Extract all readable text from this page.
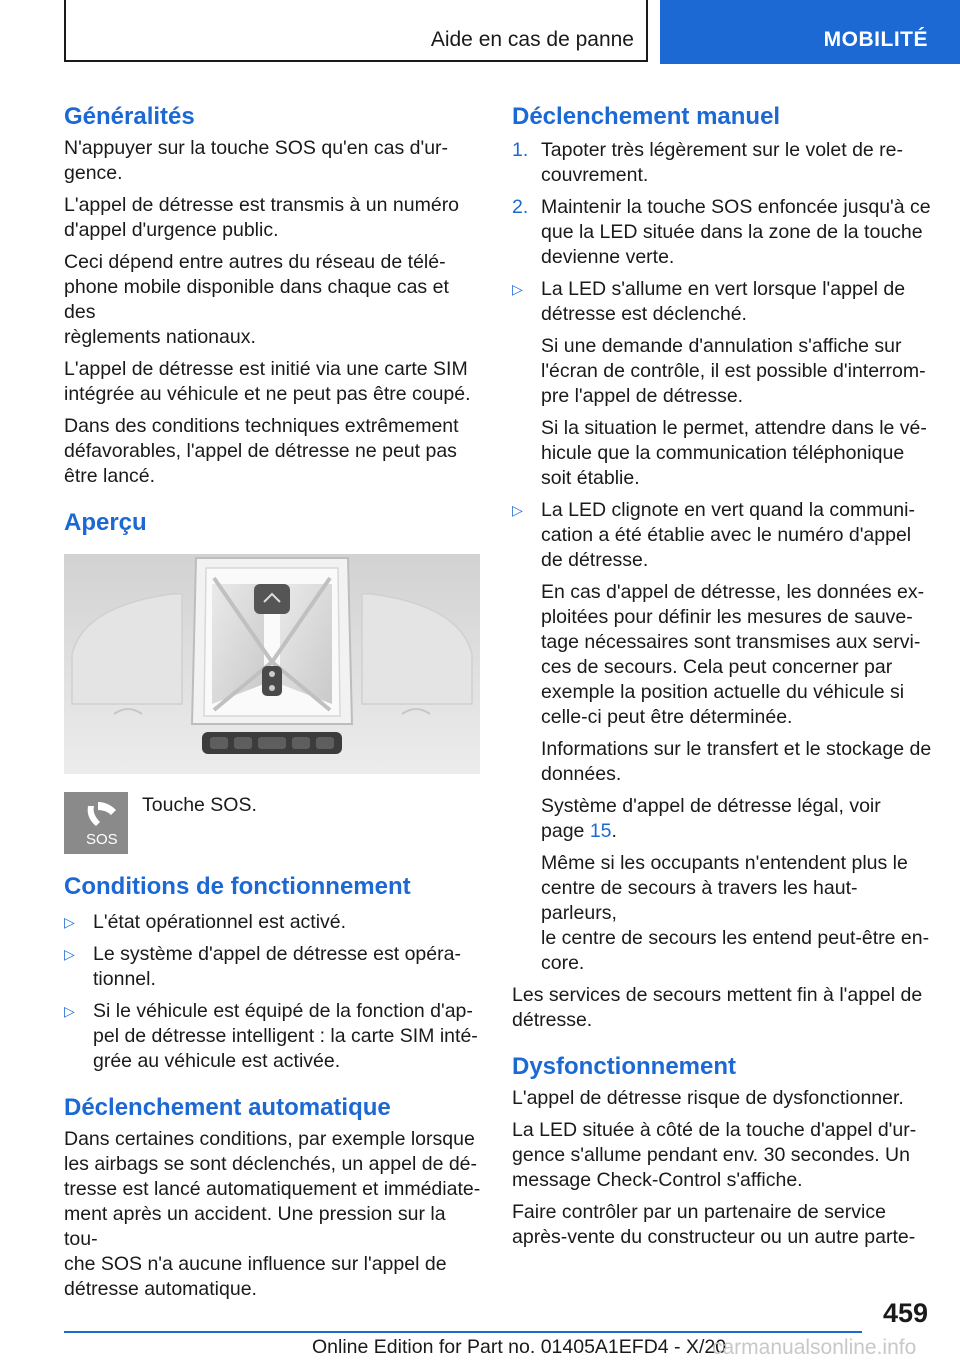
Aide en cas de panne	MOBILITÉ
Généralités

N'appuyer sur la touche SOS qu'en cas d'ur-
gence.

L'appel de détresse est transmis à un numéro
d'appel d'urgence public.

Ceci dépend entre autres du réseau de télé-
phone mobile disponible dans chaque cas et des
règlements nationaux.

L'appel de détresse est initié via une carte SIM
intégrée au véhicule et ne peut pas être coupé.

Dans des conditions techniques extrêmement
défavorables, l'appel de détresse ne peut pas
être lancé.

Aperçu
SOS
Touche SOS.
Conditions de fonctionnement
▷ L'état opérationnel est activé.
▷ Le système d'appel de détresse est opéra-
tionnel.
▷ Si le véhicule est équipé de la fonction d'ap-
pel de détresse intelligent : la carte SIM inté-
grée au véhicule est activée.
Déclenchement automatique

Dans certaines conditions, par exemple lorsque
les airbags se sont déclenchés, un appel de dé-
tresse est lancé automatiquement et immédiate-
ment après un accident. Une pression sur la tou-
che SOS n'a aucune influence sur l'appel de
détresse automatique.

Déclenchement manuel
1. Tapoter très légèrement sur le volet de re-
couvrement.
2. Maintenir la touche SOS enfoncée jusqu'à ce
que la LED située dans la zone de la touche
devienne verte.
▷ La LED s'allume en vert lorsque l'appel de
détresse est déclenché.
Si une demande d'annulation s'affiche sur
l'écran de contrôle, il est possible d'interrom-
pre l'appel de détresse.
Si la situation le permet, attendre dans le vé-
hicule que la communication téléphonique
soit établie.
▷ La LED clignote en vert quand la communi-
cation a été établie avec le numéro d'appel
de détresse.
En cas d'appel de détresse, les données ex-
ploitées pour définir les mesures de sauve-
tage nécessaires sont transmises aux servi-
ces de secours. Cela peut concerner par
exemple la position actuelle du véhicule si
celle-ci peut être déterminée.
Informations sur le transfert et le stockage de
données.
Système d'appel de détresse légal, voir
page 15.
Même si les occupants n'entendent plus le
centre de secours à travers les haut-parleurs,
le centre de secours les entend peut-être en-
core.

Les services de secours mettent fin à l'appel de
détresse.

Dysfonctionnement

L'appel de détresse risque de dysfonctionner.

La LED située à côté de la touche d'appel d'ur-
gence s'allume pendant env. 30 secondes. Un
message Check-Control s'affiche.

Faire contrôler par un partenaire de service
après-vente du constructeur ou un autre parte-

459
Online Edition for Part no. 01405A1EFD4 - X/20
carmanualsonline.info
